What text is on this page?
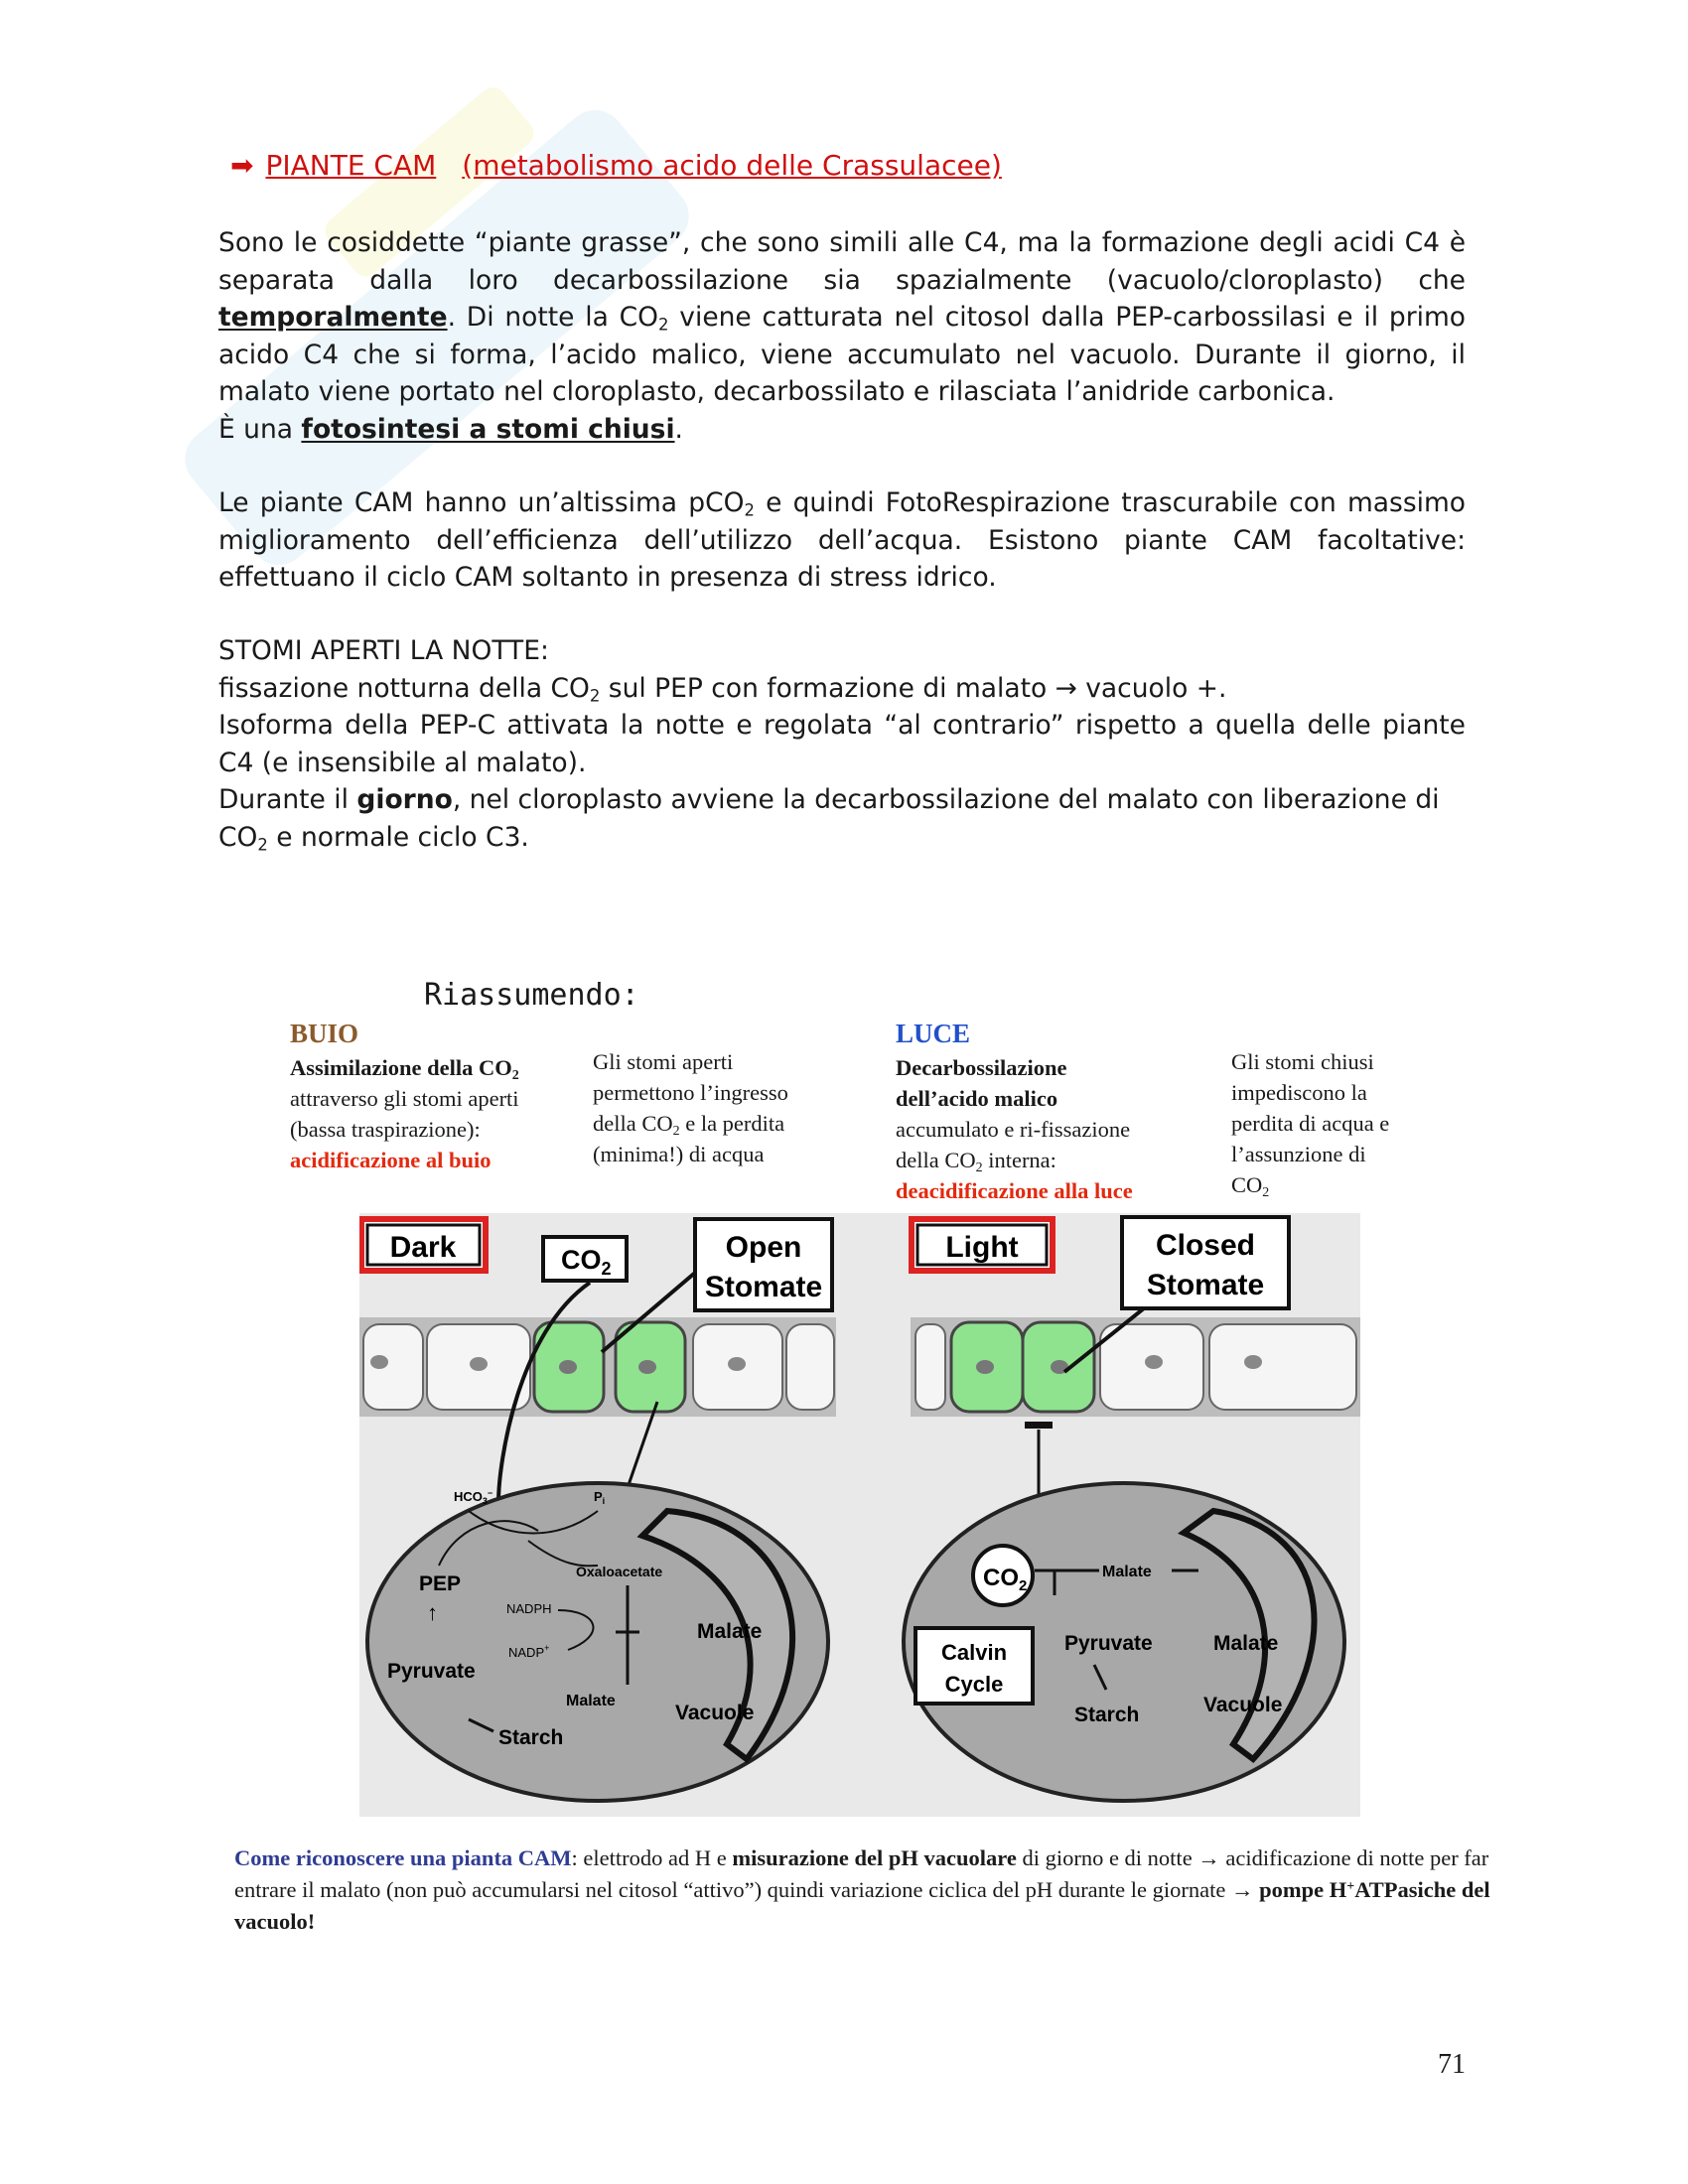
➡ PIANTE CAM (metabolismo acido delle Crassulacee)

Sono le cosiddette “piante grasse”, che sono simili alle C4, ma la formazione degli acidi C4 è separata dalla loro decarbossilazione sia spazialmente (vacuolo/cloroplasto) che temporalmente. Di notte la $CO_2$ viene catturata nel citosol dalla PEP-carbossilasi e il primo acido C4 che si forma, l’acido malico, viene accumulato nel vacuolo. Durante il giorno, il malato viene portato nel cloroplasto, decarbossilato e rilasciata l’anidride carbonica.

È una fotosintesi a stomi chiusi.

Le piante CAM hanno un’altissima pCO$_2$ e quindi FotoRespirazione trascurabile con massimo miglioramento dell’efficienza dell’utilizzo dell’acqua. Esistono piante CAM facoltative: effettuano il ciclo CAM soltanto in presenza di stress idrico.

STOMI APERTI LA NOTTE:

fissazione notturna della $CO_2$ sul PEP con formazione di malato → vacuolo +.

Isoforma della PEP-C attivata la notte e regolata “al contrario” rispetto a quella delle piante C4 (e insensibile al malato).

Durante il giorno, nel cloroplasto avviene la decarbossilazione del malato con liberazione di
$CO_2$ e normale ciclo C3.

Riassumendo:
BUIO
Assimilazione della $CO_2$
attraverso gli stomi aperti
(bassa traspirazione):
acidificazione al buio
Gli stomi aperti
permettono l’ingresso
della $CO_2$ e la perdita
(minima!) di acqua
LUCE
Decarbossilazione
dell’acido malico
accumulato e ri-fissazione
della $CO_2$ interna:
deacidificazione alla luce
Gli stomi chiusi
impediscono la
perdita di acqua e
l’assunzione di
$CO_2$
Dark	$CO_2$
Open
Stomate
$HCO_3^-$	$P_i$
PEP
Oxaloacetate
NADPH
NADP+
↑
Pyruvate
Malate
Malate
Vacuole
Starch
Light	Closed
Stomate
$CO_2$
Malate
Calvin
Cycle
Pyruvate
Starch
Malate
Vacuole
Come riconoscere una pianta CAM: elettrodo ad H e misurazione del pH vacuolare di giorno e di notte → acidificazione di notte per far entrare il malato (non può accumularsi nel citosol “attivo”) quindi variazione ciclica del pH durante le giornate → pompe H+ATPasiche del vacuolo!
71
